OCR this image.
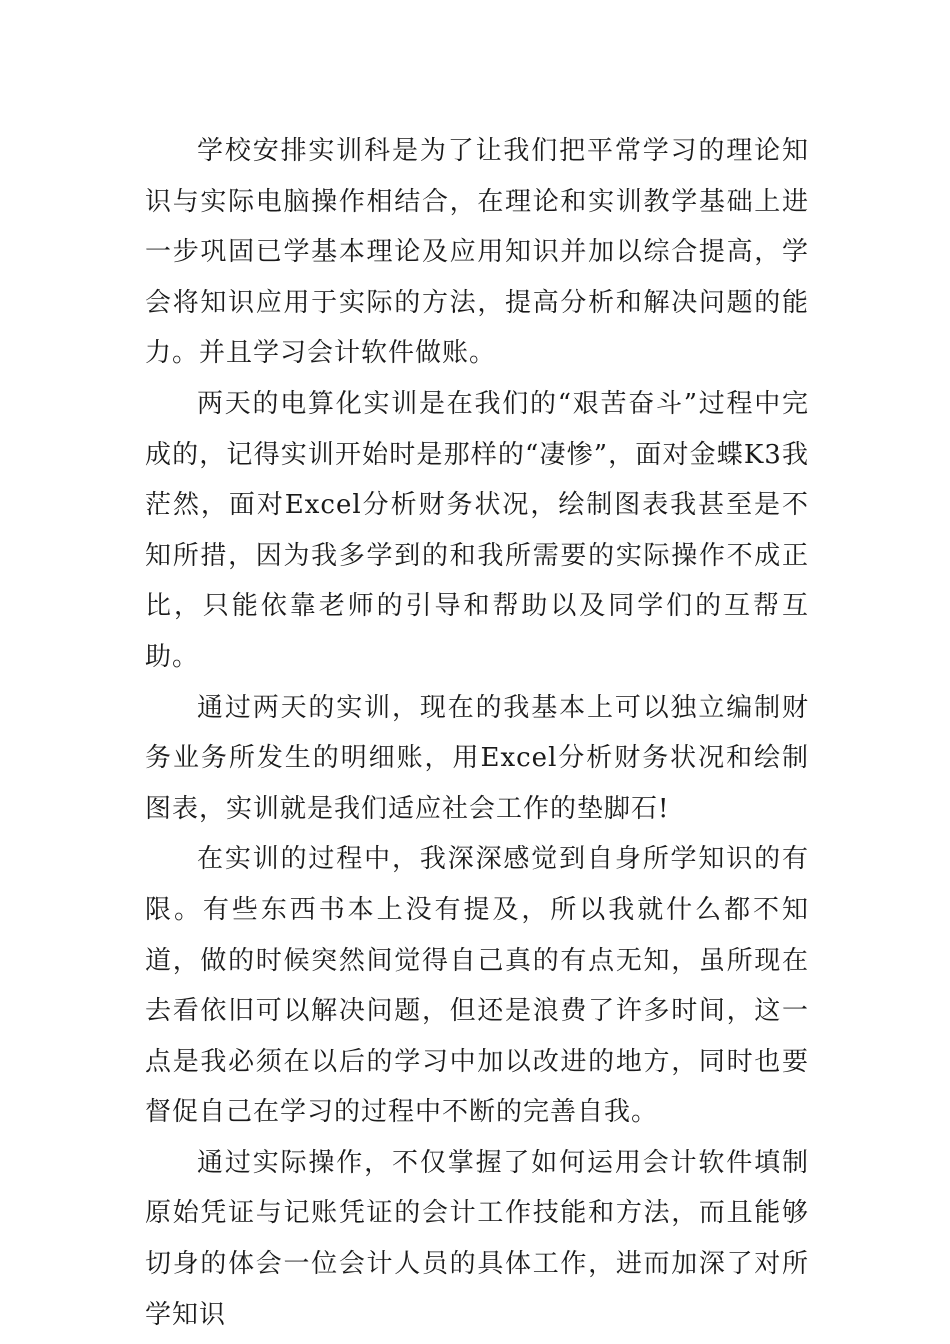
学校安排实训科是为了让我们把平常学习的理论知识与实际电脑操作相结合，在理论和实训教学基础上进一步巩固已学基本理论及应用知识并加以综合提高，学会将知识应用于实际的方法，提高分析和解决问题的能力。并且学习会计软件做账。

两天的电算化实训是在我们的“艰苦奋斗”过程中完成的，记得实训开始时是那样的“凄惨”，面对金蝶K3我茫然，面对Excel分析财务状况，绘制图表我甚至是不知所措，因为我多学到的和我所需要的实际操作不成正比，只能依靠老师的引导和帮助以及同学们的互帮互助。

通过两天的实训，现在的我基本上可以独立编制财务业务所发生的明细账，用Excel分析财务状况和绘制图表，实训就是我们适应社会工作的垫脚石!

在实训的过程中，我深深感觉到自身所学知识的有限。有些东西书本上没有提及，所以我就什么都不知道，做的时候突然间觉得自己真的有点无知，虽所现在去看依旧可以解决问题，但还是浪费了许多时间，这一点是我必须在以后的学习中加以改进的地方，同时也要督促自己在学习的过程中不断的完善自我。

通过实际操作，不仅掌握了如何运用会计软件填制原始凭证与记账凭证的会计工作技能和方法，而且能够切身的体会一位会计人员的具体工作，进而加深了对所学知识
